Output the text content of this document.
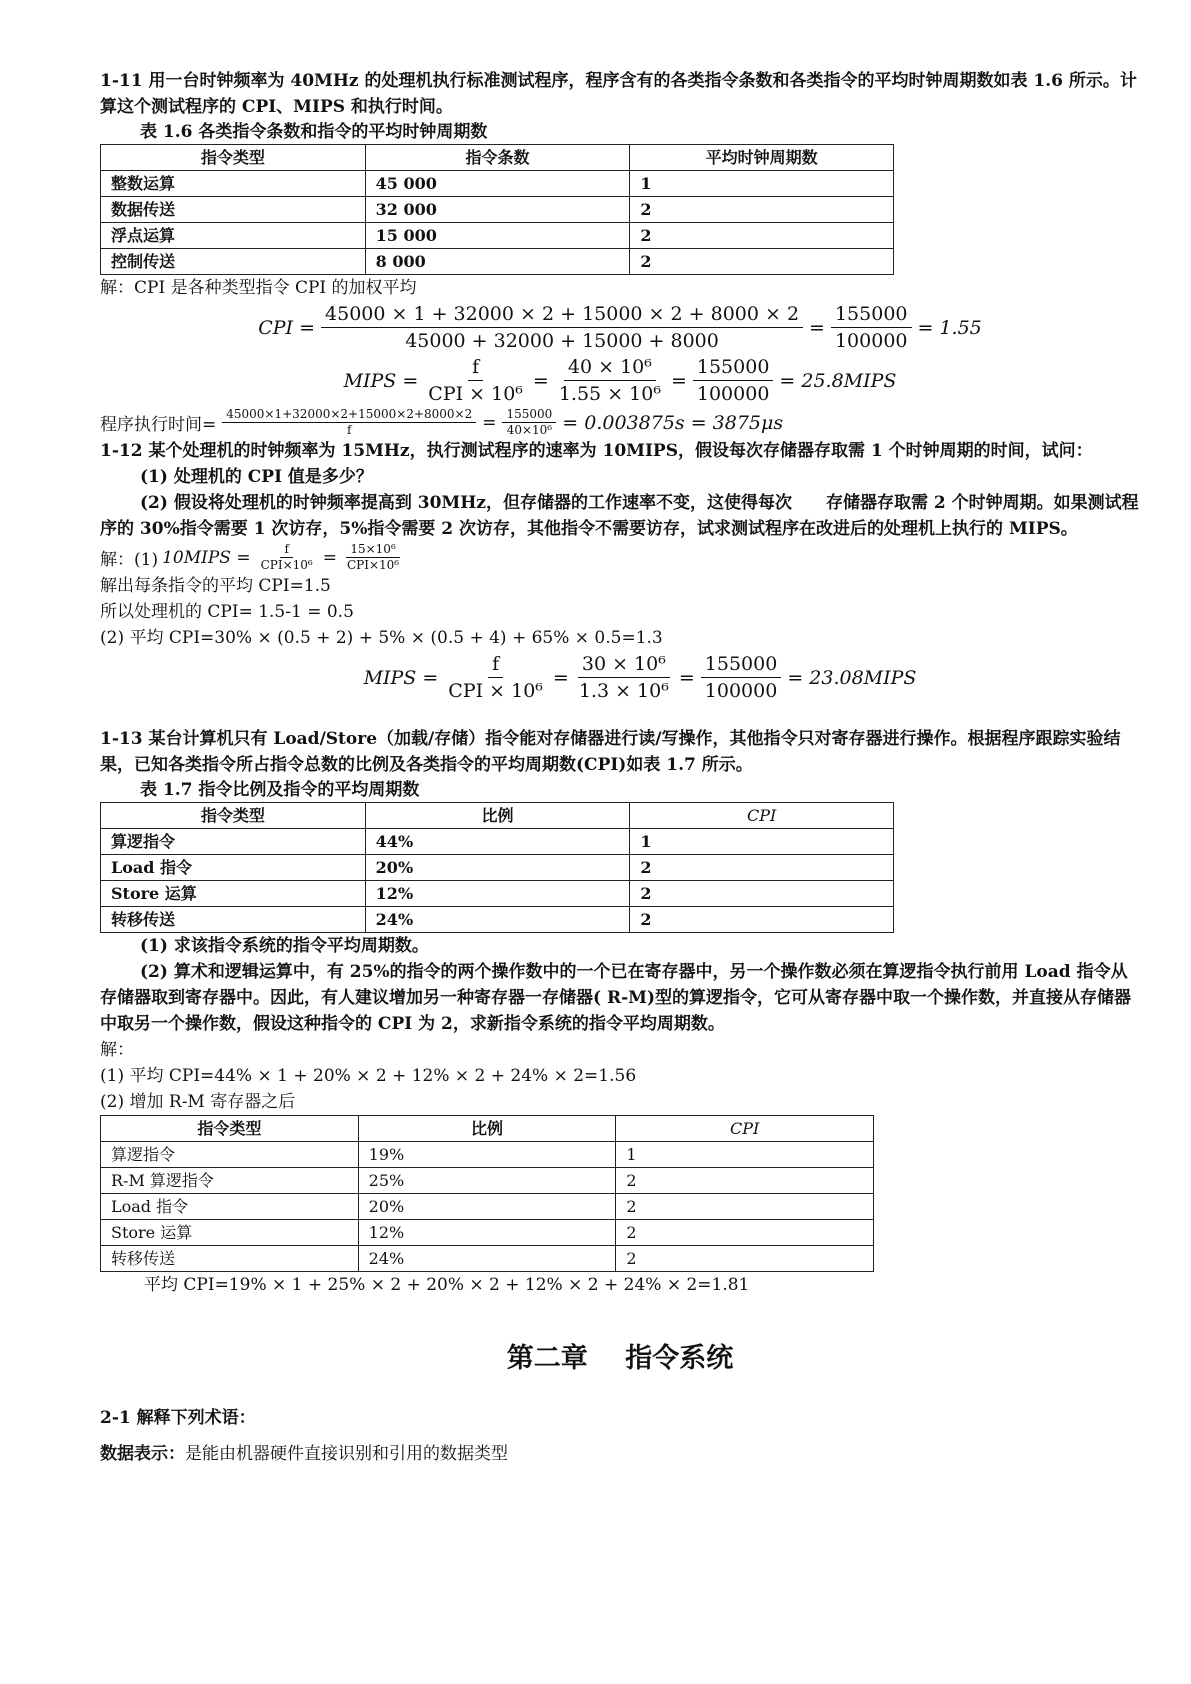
1-11 用一台时钟频率为 40MHz 的处理机执行标准测试程序，程序含有的各类指令条数和各类指令的平均时钟周期数如表 1.6 所示。计算这个测试程序的 CPI、MIPS 和执行时间。

表 1.6 各类指令条数和指令的平均时钟周期数

指令类型	指令条数	平均时钟周期数
整数运算	45 000	1
数据传送	32 000	2
浮点运算	15 000	2
控制传送	8 000	2

解：CPI 是各种类型指令 CPI 的加权平均

CPI = $\frac{45000 \times 1 + 32000 \times 2 + 15000 \times 2 + 8000 \times 2}{45000 + 32000 + 15000 + 8000} = \frac{155000}{100000} = 1.55$
MIPS = $\frac{f}{\text{CPI × 10⁶}} = \frac{\text{40 × 10⁶}}{\text{1.55 × 10⁶}} = \frac{155000}{100000}$ = 25.8MIPS
程序执行时间= $\frac{45000\times 1+32000\times 2+15000\times 2+8000\times 2}{f} = \frac{155000}{\text{40×10⁶}} = 0.003875s = 3875\mu s$

1-12 某个处理机的时钟频率为 15MHz，执行测试程序的速率为 10MIPS，假设每次存储器存取需 1 个时钟周期的时间，试问：

(1) 处理机的 CPI 值是多少？

(2) 假设将处理机的时钟频率提高到 30MHz，但存储器的工作速率不变，这使得每次　　存储器存取需 2 个时钟周期。如果测试程序的 30%指令需要 1 次访存，5%指令需要 2 次访存，其他指令不需要访存，试求测试程序在改进后的处理机上执行的 MIPS。

解：(1) 10MIPS = $\frac{f}{\text{CPI×10⁶}} = \frac{\text{15×10⁶}}{\text{CPI×10⁶}}$

解出每条指令的平均 CPI=1.5

所以处理机的 CPI= 1.5-1 = 0.5

(2) 平均 CPI=30% × (0.5 + 2) + 5% × (0.5 + 4) + 65% × 0.5=1.3

MIPS = $\frac{f}{\text{CPI × 10⁶}} = \frac{\text{30 × 10⁶}}{\text{1.3 × 10⁶}} = \frac{155000}{100000}$ = 23.08MIPS

1-13 某台计算机只有 Load/Store（加载/存储）指令能对存储器进行读/写操作，其他指令只对寄存器进行操作。根据程序跟踪实验结果，已知各类指令所占指令总数的比例及各类指令的平均周期数(CPI)如表 1.7 所示。

表 1.7 指令比例及指令的平均周期数

指令类型	比例	CPI
算逻指令	44%	1
Load 指令	20%	2
Store 运算	12%	2
转移传送	24%	2

(1) 求该指令系统的指令平均周期数。

(2) 算术和逻辑运算中，有 25%的指令的两个操作数中的一个已在寄存器中，另一个操作数必须在算逻指令执行前用 Load 指令从存储器取到寄存器中。因此，有人建议增加另一种寄存器一存储器( R-M)型的算逻指令，它可从寄存器中取一个操作数，并直接从存储器中取另一个操作数，假设这种指令的 CPI 为 2，求新指令系统的指令平均周期数。

解：

(1) 平均 CPI=44% × 1 + 20% × 2 + 12% × 2 + 24% × 2=1.56

(2) 增加 R-M 寄存器之后

指令类型	比例	CPI
算逻指令	19%	1
R-M 算逻指令	25%	2
Load 指令	20%	2
Store 运算	12%	2
转移传送	24%	2

平均 CPI=19% × 1 + 25% × 2 + 20% × 2 + 12% × 2 + 24% × 2=1.81

第二章 指令系统

2-1 解释下列术语：

数据表示：是能由机器硬件直接识别和引用的数据类型
